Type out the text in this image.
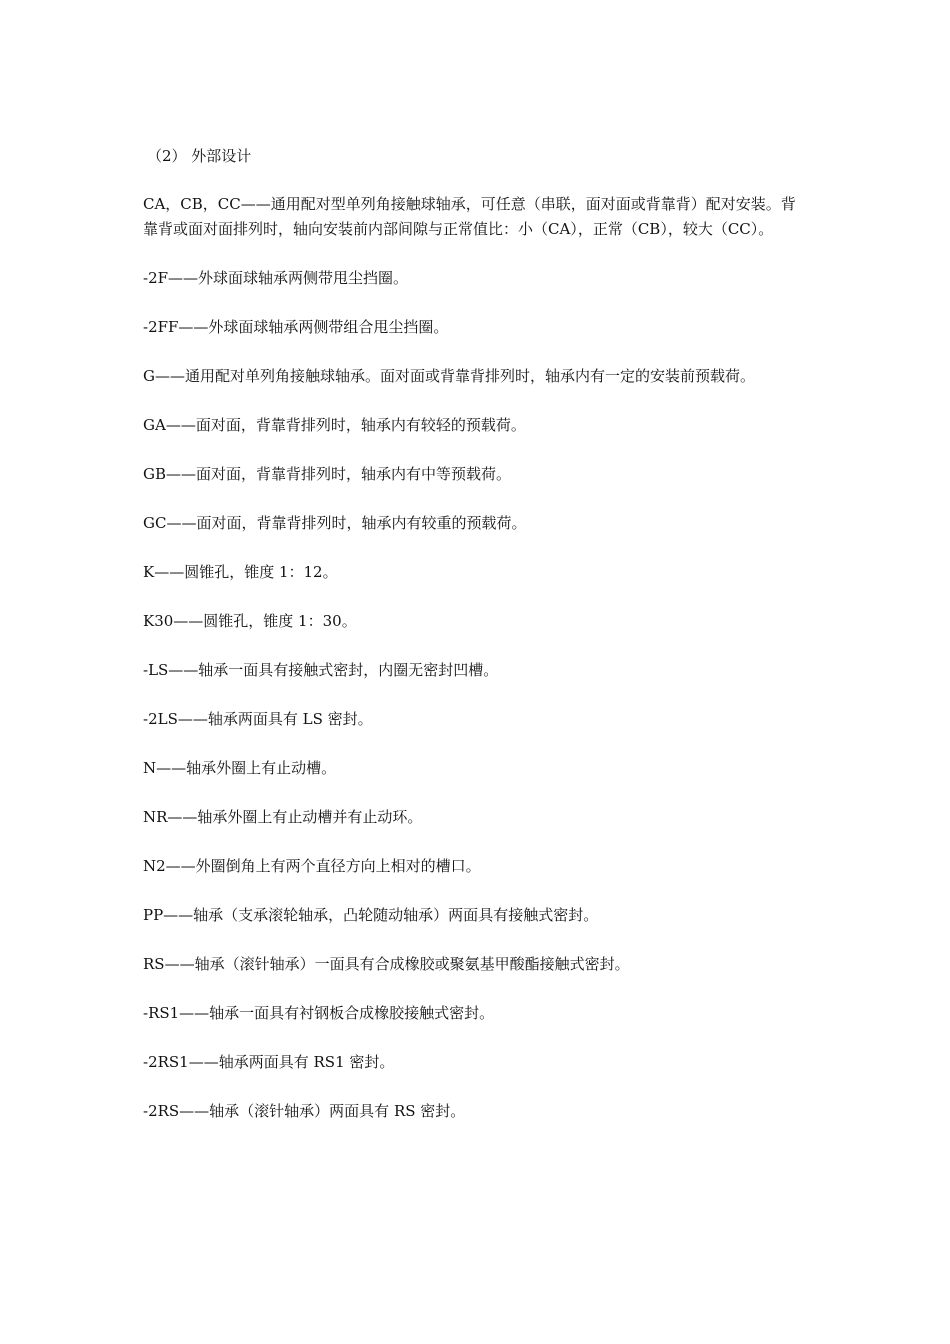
（2） 外部设计
CA，CB，CC——通用配对型单列角接触球轴承，可任意（串联，面对面或背靠背）配对安装。背靠背或面对面排列时，轴向安装前内部间隙与正常值比：小（CA），正常（CB），较大（CC）。
-2F——外球面球轴承两侧带甩尘挡圈。
-2FF——外球面球轴承两侧带组合甩尘挡圈。
G——通用配对单列角接触球轴承。面对面或背靠背排列时，轴承内有一定的安装前预载荷。
GA——面对面，背靠背排列时，轴承内有较轻的预载荷。
GB——面对面，背靠背排列时，轴承内有中等预载荷。
GC——面对面，背靠背排列时，轴承内有较重的预载荷。
K——圆锥孔，锥度 1：12。
K30——圆锥孔，锥度 1：30。
-LS——轴承一面具有接触式密封，内圈无密封凹槽。
-2LS——轴承两面具有 LS 密封。
N——轴承外圈上有止动槽。
NR——轴承外圈上有止动槽并有止动环。
N2——外圈倒角上有两个直径方向上相对的槽口。
PP——轴承（支承滚轮轴承，凸轮随动轴承）两面具有接触式密封。
RS——轴承（滚针轴承）一面具有合成橡胶或聚氨基甲酸酯接触式密封。
-RS1——轴承一面具有衬钢板合成橡胶接触式密封。
-2RS1——轴承两面具有 RS1 密封。
-2RS——轴承（滚针轴承）两面具有 RS 密封。
